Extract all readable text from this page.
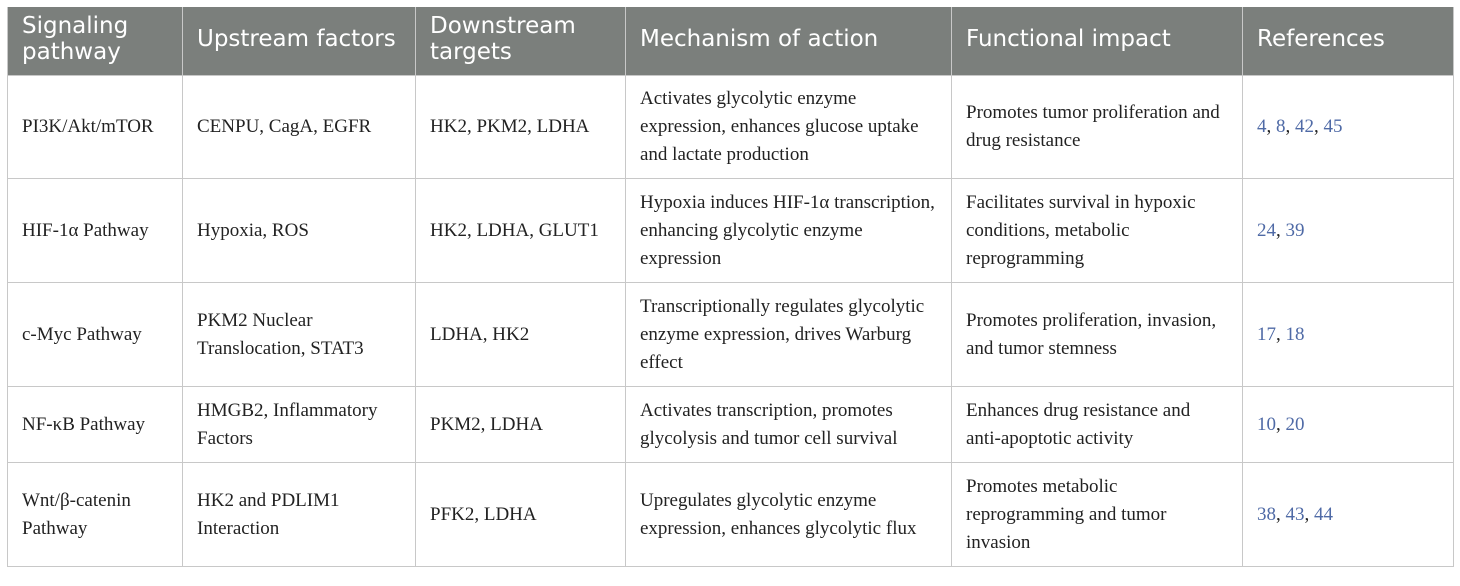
Signaling pathway	Upstream factors	Downstream targets	Mechanism of action	Functional impact	References
PI3K/Akt/mTOR	CENPU, CagA, EGFR	HK2, PKM2, LDHA	Activates glycolytic enzyme expression, enhances glucose uptake and lactate production	Promotes tumor proliferation and drug resistance	4, 8, 42, 45
HIF-1α Pathway	Hypoxia, ROS	HK2, LDHA, GLUT1	Hypoxia induces HIF-1α transcription, enhancing glycolytic enzyme expression	Facilitates survival in hypoxic conditions, metabolic reprogramming	24, 39
c-Myc Pathway	PKM2 Nuclear Translocation, STAT3	LDHA, HK2	Transcriptionally regulates glycolytic enzyme expression, drives Warburg effect	Promotes proliferation, invasion, and tumor stemness	17, 18
NF-κB Pathway	HMGB2, Inflammatory Factors	PKM2, LDHA	Activates transcription, promotes glycolysis and tumor cell survival	Enhances drug resistance and anti-apoptotic activity	10, 20
Wnt/β-catenin Pathway	HK2 and PDLIM1 Interaction	PFK2, LDHA	Upregulates glycolytic enzyme expression, enhances glycolytic flux	Promotes metabolic reprogramming and tumor invasion	38, 43, 44
